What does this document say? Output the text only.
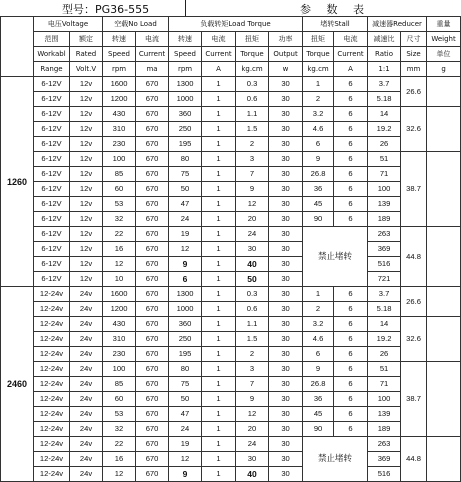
型号：PG36-555	参 数 表
	电压Voltage		空载No Load		负载转矩Load Torque				堵转Stall		减速器Reducer		重量	
	范围	额定	转速	电流	转速	电流	扭矩	功率	扭矩	电流	减速比	尺寸	Weight	
	Workabl	Rated	Speed	Current	Speed	Current	Torque	Output	Torque	Current	Ratio	Size	单位	
	Range	Volt.V	rpm	ma	rpm	A	kg.cm	w	kg.cm	A	1:1	mm	g	
1260	6-12V	12v	1600	670	1300	1	0.3	30	1	6	3.7	26.6		
	6-12V	12v	1200	670	1000	1	0.6	30	2	6	5.18			
	6-12V	12v	430	670	360	1	1.1	30	3.2	6	14	32.6		
	6-12V	12v	310	670	250	1	1.5	30	4.6	6	19.2			
	6-12V	12v	230	670	195	1	2	30	6	6	26			
	6-12V	12v	100	670	80	1	3	30	9	6	51	38.7		
	6-12V	12v	85	670	75	1	7	30	26.8	6	71			
	6-12V	12v	60	670	50	1	9	30	36	6	100			
	6-12V	12v	53	670	47	1	12	30	45	6	139			
	6-12V	12v	32	670	24	1	20	30	90	6	189			
	6-12V	12v	22	670	19	1	24	30	禁止堵转		263	44.8		
	6-12V	12v	16	670	12	1	30	30			369			
	6-12V	12v	12	670	9	1	40	30			516			
	6-12V	12v	10	670	6	1	50	30			721			
2460	12-24v	24v	1600	670	1300	1	0.3	30	1	6	3.7	26.6		
	12-24v	24v	1200	670	1000	1	0.6	30	2	6	5.18			
	12-24v	24v	430	670	360	1	1.1	30	3.2	6	14	32.6		
	12-24v	24v	310	670	250	1	1.5	30	4.6	6	19.2			
	12-24v	24v	230	670	195	1	2	30	6	6	26			
	12-24v	24v	100	670	80	1	3	30	9	6	51	38.7		
	12-24v	24v	85	670	75	1	7	30	26.8	6	71			
	12-24v	24v	60	670	50	1	9	30	36	6	100			
	12-24v	24v	53	670	47	1	12	30	45	6	139			
	12-24v	24v	32	670	24	1	20	30	90	6	189			
	12-24v	24v	22	670	19	1	24	30	禁止堵转		263	44.8		
	12-24v	24v	16	670	12	1	30	30			369			
	12-24v	24v	12	670	9	1	40	30			516			
